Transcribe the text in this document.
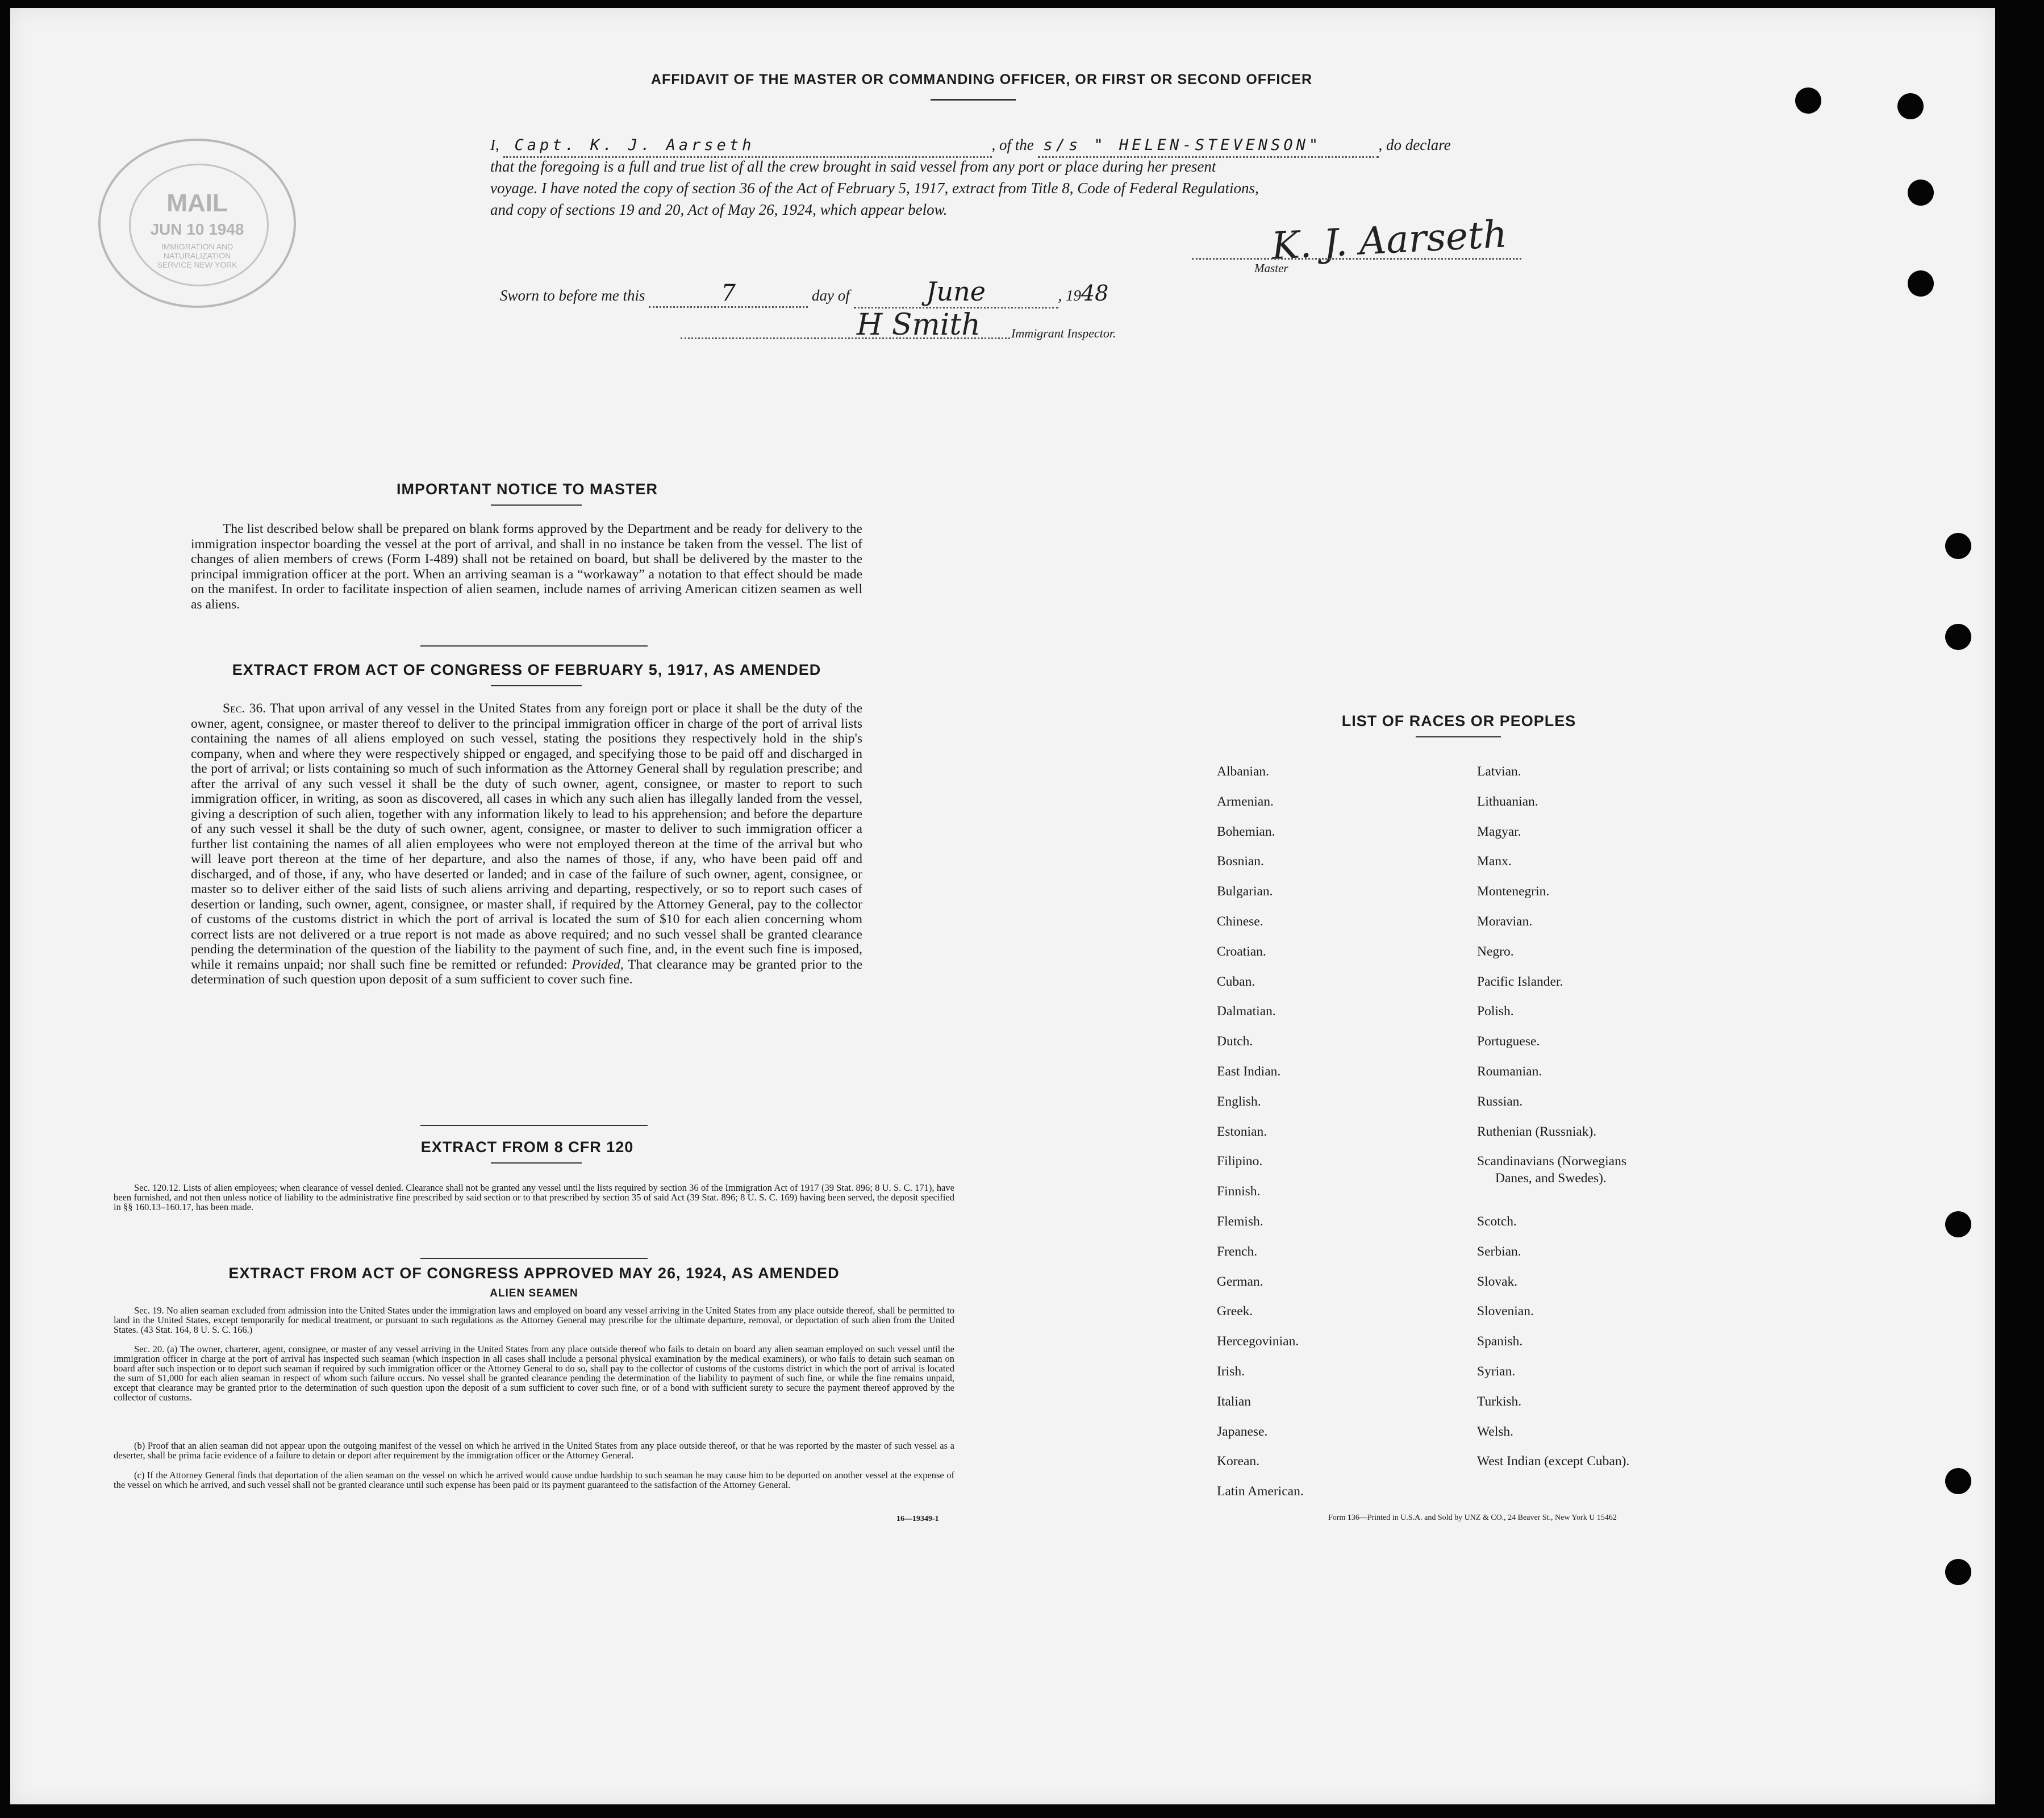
AFFIDAVIT OF THE MASTER OR COMMANDING OFFICER, OR FIRST OR SECOND OFFICER
MAIL
JUN 10 1948
IMMIGRATION AND NATURALIZATION SERVICE NEW YORK
I, Capt. K. J. Aarseth	, of the s/s " HELEN-STEVENSON"	, do declare
that the foregoing is a full and true list of all the crew brought in said vessel from any port or place during her present
voyage. I have noted the copy of section 36 of the Act of February 5, 1917, extract from Title 8, Code of Federal Regulations,
and copy of sections 19 and 20, Act of May 26, 1924, which appear below.
K. J. Aarseth
Master
Sworn to before me this	7	day of	June	, 1948
H Smith Immigrant Inspector.
IMPORTANT NOTICE TO MASTER
The list described below shall be prepared on blank forms approved by the Department and be ready for delivery to the immigration inspector boarding the vessel at the port of arrival, and shall in no instance be taken from the vessel. The list of changes of alien members of crews (Form I-489) shall not be retained on board, but shall be delivered by the master to the principal immigration officer at the port. When an arriving seaman is a “workaway” a notation to that effect should be made on the manifest. In order to facilitate inspection of alien seamen, include names of arriving American citizen seamen as well as aliens.
EXTRACT FROM ACT OF CONGRESS OF FEBRUARY 5, 1917, AS AMENDED
Sec. 36. That upon arrival of any vessel in the United States from any foreign port or place it shall be the duty of the owner, agent, consignee, or master thereof to deliver to the principal immigration officer in charge of the port of arrival lists containing the names of all aliens employed on such vessel, stating the positions they respectively hold in the ship's company, when and where they were respectively shipped or engaged, and specifying those to be paid off and discharged in the port of arrival; or lists containing so much of such information as the Attorney General shall by regulation prescribe; and after the arrival of any such vessel it shall be the duty of such owner, agent, consignee, or master to report to such immigration officer, in writing, as soon as discovered, all cases in which any such alien has illegally landed from the vessel, giving a description of such alien, together with any information likely to lead to his apprehension; and before the departure of any such vessel it shall be the duty of such owner, agent, consignee, or master to deliver to such immigration officer a further list containing the names of all alien employees who were not employed thereon at the time of the arrival but who will leave port thereon at the time of her departure, and also the names of those, if any, who have been paid off and discharged, and of those, if any, who have deserted or landed; and in case of the failure of such owner, agent, consignee, or master so to deliver either of the said lists of such aliens arriving and departing, respectively, or so to report such cases of desertion or landing, such owner, agent, consignee, or master shall, if required by the Attorney General, pay to the collector of customs of the customs district in which the port of arrival is located the sum of $10 for each alien concerning whom correct lists are not delivered or a true report is not made as above required; and no such vessel shall be granted clearance pending the determination of the question of the liability to the payment of such fine, and, in the event such fine is imposed, while it remains unpaid; nor shall such fine be remitted or refunded: Provided, That clearance may be granted prior to the determination of such question upon deposit of a sum sufficient to cover such fine.
EXTRACT FROM 8 CFR 120
Sec. 120.12. Lists of alien employees; when clearance of vessel denied. Clearance shall not be granted any vessel until the lists required by section 36 of the Immigration Act of 1917 (39 Stat. 896; 8 U. S. C. 171), have been furnished, and not then unless notice of liability to the administrative fine prescribed by said section or to that prescribed by section 35 of said Act (39 Stat. 896; 8 U. S. C. 169) having been served, the deposit specified in §§ 160.13–160.17, has been made.
EXTRACT FROM ACT OF CONGRESS APPROVED MAY 26, 1924, AS AMENDED
ALIEN SEAMEN
Sec. 19. No alien seaman excluded from admission into the United States under the immigration laws and employed on board any vessel arriving in the United States from any place outside thereof, shall be permitted to land in the United States, except temporarily for medical treatment, or pursuant to such regulations as the Attorney General may prescribe for the ultimate departure, removal, or deportation of such alien from the United States. (43 Stat. 164, 8 U. S. C. 166.)
Sec. 20. (a) The owner, charterer, agent, consignee, or master of any vessel arriving in the United States from any place outside thereof who fails to detain on board any alien seaman employed on such vessel until the immigration officer in charge at the port of arrival has inspected such seaman (which inspection in all cases shall include a personal physical examination by the medical examiners), or who fails to detain such seaman on board after such inspection or to deport such seaman if required by such immigration officer or the Attorney General to do so, shall pay to the collector of customs of the customs district in which the port of arrival is located the sum of $1,000 for each alien seaman in respect of whom such failure occurs. No vessel shall be granted clearance pending the determination of the liability to payment of such fine, or while the fine remains unpaid, except that clearance may be granted prior to the determination of such question upon the deposit of a sum sufficient to cover such fine, or of a bond with sufficient surety to secure the payment thereof approved by the collector of customs.
(b) Proof that an alien seaman did not appear upon the outgoing manifest of the vessel on which he arrived in the United States from any place outside thereof, or that he was reported by the master of such vessel as a deserter, shall be prima facie evidence of a failure to detain or deport after requirement by the immigration officer or the Attorney General.
(c) If the Attorney General finds that deportation of the alien seaman on the vessel on which he arrived would cause undue hardship to such seaman he may cause him to be deported on another vessel at the expense of the vessel on which he arrived, and such vessel shall not be granted clearance until such expense has been paid or its payment guaranteed to the satisfaction of the Attorney General.
16—19349-1
LIST OF RACES OR PEOPLES
Albanian.
Armenian.
Bohemian.
Bosnian.
Bulgarian.
Chinese.
Croatian.
Cuban.
Dalmatian.
Dutch.
East Indian.
English.
Estonian.
Filipino.
Finnish.
Flemish.
French.
German.
Greek.
Hercegovinian.
Irish.
Italian
Japanese.
Korean.
Latin American.
Latvian.
Lithuanian.
Magyar.
Manx.
Montenegrin.
Moravian.
Negro.
Pacific Islander.
Polish.
Portuguese.
Roumanian.
Russian.
Ruthenian (Russniak).
Scandinavians (Norwegians
Danes, and Swedes).
Scotch.
Serbian.
Slovak.
Slovenian.
Spanish.
Syrian.
Turkish.
Welsh.
West Indian (except Cuban).
Form 136—Printed in U.S.A. and Sold by UNZ & CO., 24 Beaver St., New York U 15462
